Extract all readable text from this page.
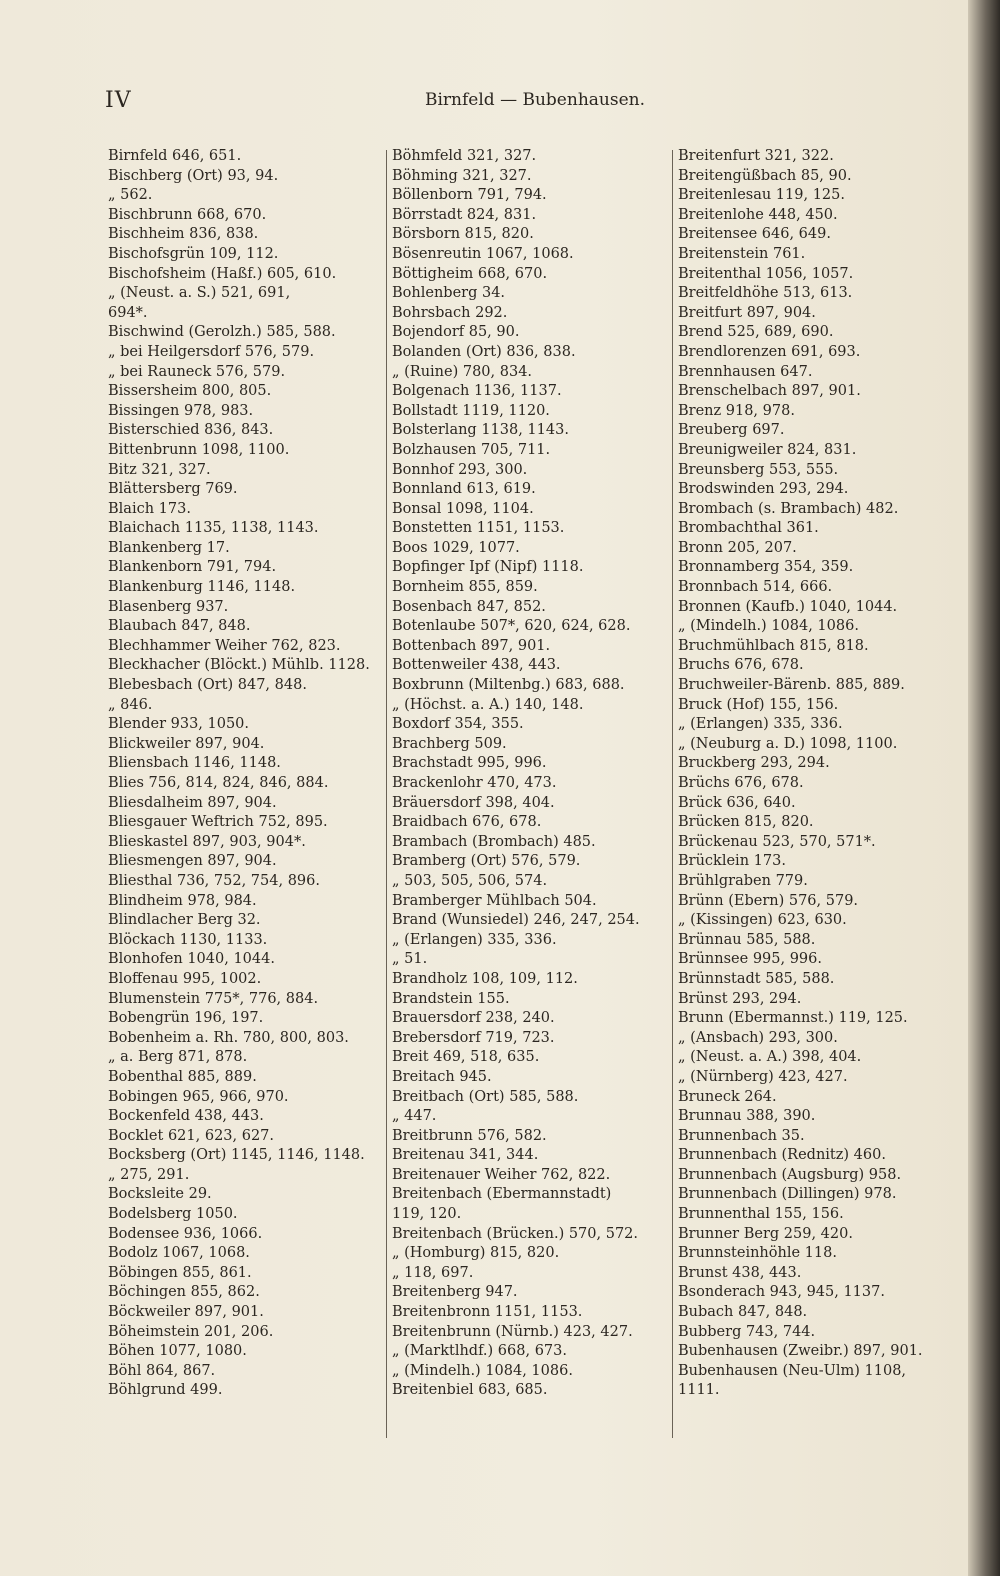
IV	Birnfeld — Bubenhausen.
Birnfeld 646, 651.
Bischberg (Ort) 93, 94.
„ 562.
Bischbrunn 668, 670.
Bischheim 836, 838.
Bischofsgrün 109, 112.
Bischofsheim (Haßf.) 605, 610.
„ (Neust. a. S.) 521, 691,
694*.
Bischwind (Gerolzh.) 585, 588.
„ bei Heilgersdorf 576, 579.
„ bei Rauneck 576, 579.
Bissersheim 800, 805.
Bissingen 978, 983.
Bisterschied 836, 843.
Bittenbrunn 1098, 1100.
Bitz 321, 327.
Blättersberg 769.
Blaich 173.
Blaichach 1135, 1138, 1143.
Blankenberg 17.
Blankenborn 791, 794.
Blankenburg 1146, 1148.
Blasenberg 937.
Blaubach 847, 848.
Blechhammer Weiher 762, 823.
Bleckhacher (Blöckt.) Mühlb. 1128.
Blebesbach (Ort) 847, 848.
„ 846.
Blender 933, 1050.
Blickweiler 897, 904.
Bliensbach 1146, 1148.
Blies 756, 814, 824, 846, 884.
Bliesdalheim 897, 904.
Bliesgauer Weftrich 752, 895.
Blieskastel 897, 903, 904*.
Bliesmengen 897, 904.
Bliesthal 736, 752, 754, 896.
Blindheim 978, 984.
Blindlacher Berg 32.
Blöckach 1130, 1133.
Blonhofen 1040, 1044.
Bloffenau 995, 1002.
Blumenstein 775*, 776, 884.
Bobengrün 196, 197.
Bobenheim a. Rh. 780, 800, 803.
„ a. Berg 871, 878.
Bobenthal 885, 889.
Bobingen 965, 966, 970.
Bockenfeld 438, 443.
Bocklet 621, 623, 627.
Bocksberg (Ort) 1145, 1146, 1148.
„ 275, 291.
Bocksleite 29.
Bodelsberg 1050.
Bodensee 936, 1066.
Bodolz 1067, 1068.
Böbingen 855, 861.
Böchingen 855, 862.
Böckweiler 897, 901.
Böheimstein 201, 206.
Böhen 1077, 1080.
Böhl 864, 867.
Böhlgrund 499.
Böhmfeld 321, 327.
Böhming 321, 327.
Böllenborn 791, 794.
Börrstadt 824, 831.
Börsborn 815, 820.
Bösenreutin 1067, 1068.
Böttigheim 668, 670.
Bohlenberg 34.
Bohrsbach 292.
Bojendorf 85, 90.
Bolanden (Ort) 836, 838.
„ (Ruine) 780, 834.
Bolgenach 1136, 1137.
Bollstadt 1119, 1120.
Bolsterlang 1138, 1143.
Bolzhausen 705, 711.
Bonnhof 293, 300.
Bonnland 613, 619.
Bonsal 1098, 1104.
Bonstetten 1151, 1153.
Boos 1029, 1077.
Bopfinger Ipf (Nipf) 1118.
Bornheim 855, 859.
Bosenbach 847, 852.
Botenlaube 507*, 620, 624, 628.
Bottenbach 897, 901.
Bottenweiler 438, 443.
Boxbrunn (Miltenbg.) 683, 688.
„ (Höchst. a. A.) 140, 148.
Boxdorf 354, 355.
Brachberg 509.
Brachstadt 995, 996.
Brackenlohr 470, 473.
Bräuersdorf 398, 404.
Braidbach 676, 678.
Brambach (Brombach) 485.
Bramberg (Ort) 576, 579.
„ 503, 505, 506, 574.
Bramberger Mühlbach 504.
Brand (Wunsiedel) 246, 247, 254.
„ (Erlangen) 335, 336.
„ 51.
Brandholz 108, 109, 112.
Brandstein 155.
Brauersdorf 238, 240.
Brebersdorf 719, 723.
Breit 469, 518, 635.
Breitach 945.
Breitbach (Ort) 585, 588.
„ 447.
Breitbrunn 576, 582.
Breitenau 341, 344.
Breitenauer Weiher 762, 822.
Breitenbach (Ebermannstadt)
119, 120.
Breitenbach (Brücken.) 570, 572.
„ (Homburg) 815, 820.
„ 118, 697.
Breitenberg 947.
Breitenbronn 1151, 1153.
Breitenbrunn (Nürnb.) 423, 427.
„ (Marktlhdf.) 668, 673.
„ (Mindelh.) 1084, 1086.
Breitenbiel 683, 685.
Breitenfurt 321, 322.
Breitengüßbach 85, 90.
Breitenlesau 119, 125.
Breitenlohe 448, 450.
Breitensee 646, 649.
Breitenstein 761.
Breitenthal 1056, 1057.
Breitfeldhöhe 513, 613.
Breitfurt 897, 904.
Brend 525, 689, 690.
Brendlorenzen 691, 693.
Brennhausen 647.
Brenschelbach 897, 901.
Brenz 918, 978.
Breuberg 697.
Breunigweiler 824, 831.
Breunsberg 553, 555.
Brodswinden 293, 294.
Brombach (s. Brambach) 482.
Brombachthal 361.
Bronn 205, 207.
Bronnamberg 354, 359.
Bronnbach 514, 666.
Bronnen (Kaufb.) 1040, 1044.
„ (Mindelh.) 1084, 1086.
Bruchmühlbach 815, 818.
Bruchs 676, 678.
Bruchweiler-Bärenb. 885, 889.
Bruck (Hof) 155, 156.
„ (Erlangen) 335, 336.
„ (Neuburg a. D.) 1098, 1100.
Bruckberg 293, 294.
Brüchs 676, 678.
Brück 636, 640.
Brücken 815, 820.
Brückenau 523, 570, 571*.
Brücklein 173.
Brühlgraben 779.
Brünn (Ebern) 576, 579.
„ (Kissingen) 623, 630.
Brünnau 585, 588.
Brünnsee 995, 996.
Brünnstadt 585, 588.
Brünst 293, 294.
Brunn (Ebermannst.) 119, 125.
„ (Ansbach) 293, 300.
„ (Neust. a. A.) 398, 404.
„ (Nürnberg) 423, 427.
Bruneck 264.
Brunnau 388, 390.
Brunnenbach 35.
Brunnenbach (Rednitz) 460.
Brunnenbach (Augsburg) 958.
Brunnenbach (Dillingen) 978.
Brunnenthal 155, 156.
Brunner Berg 259, 420.
Brunnsteinhöhle 118.
Brunst 438, 443.
Bsonderach 943, 945, 1137.
Bubach 847, 848.
Bubberg 743, 744.
Bubenhausen (Zweibr.) 897, 901.
Bubenhausen (Neu-Ulm) 1108,
1111.
